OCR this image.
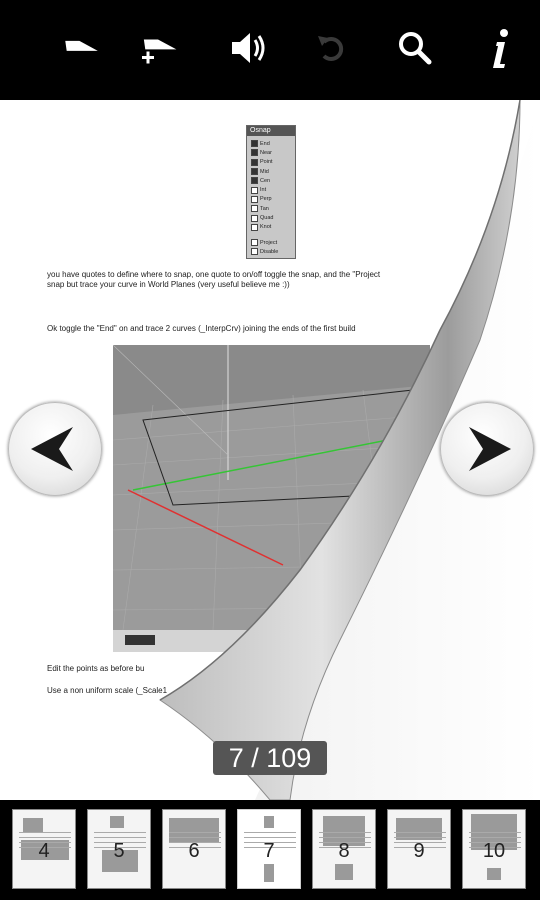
Osnap
End
Near
Point
Mid
Cen
Int
Perp
Tan
Quad
Knot
Project
Disable
you have quotes to define where to snap, one quote to on/off toggle the snap, and the "Project
snap but trace your curve in World Planes (very useful believe me :))
Ok toggle the "End" on and trace 2 curves (_InterpCrv) joining the ends of the first build
Edit the points as before bu
Use a non uniform scale (_Scale1
7 / 109
4	5	6	7	8	9	10
